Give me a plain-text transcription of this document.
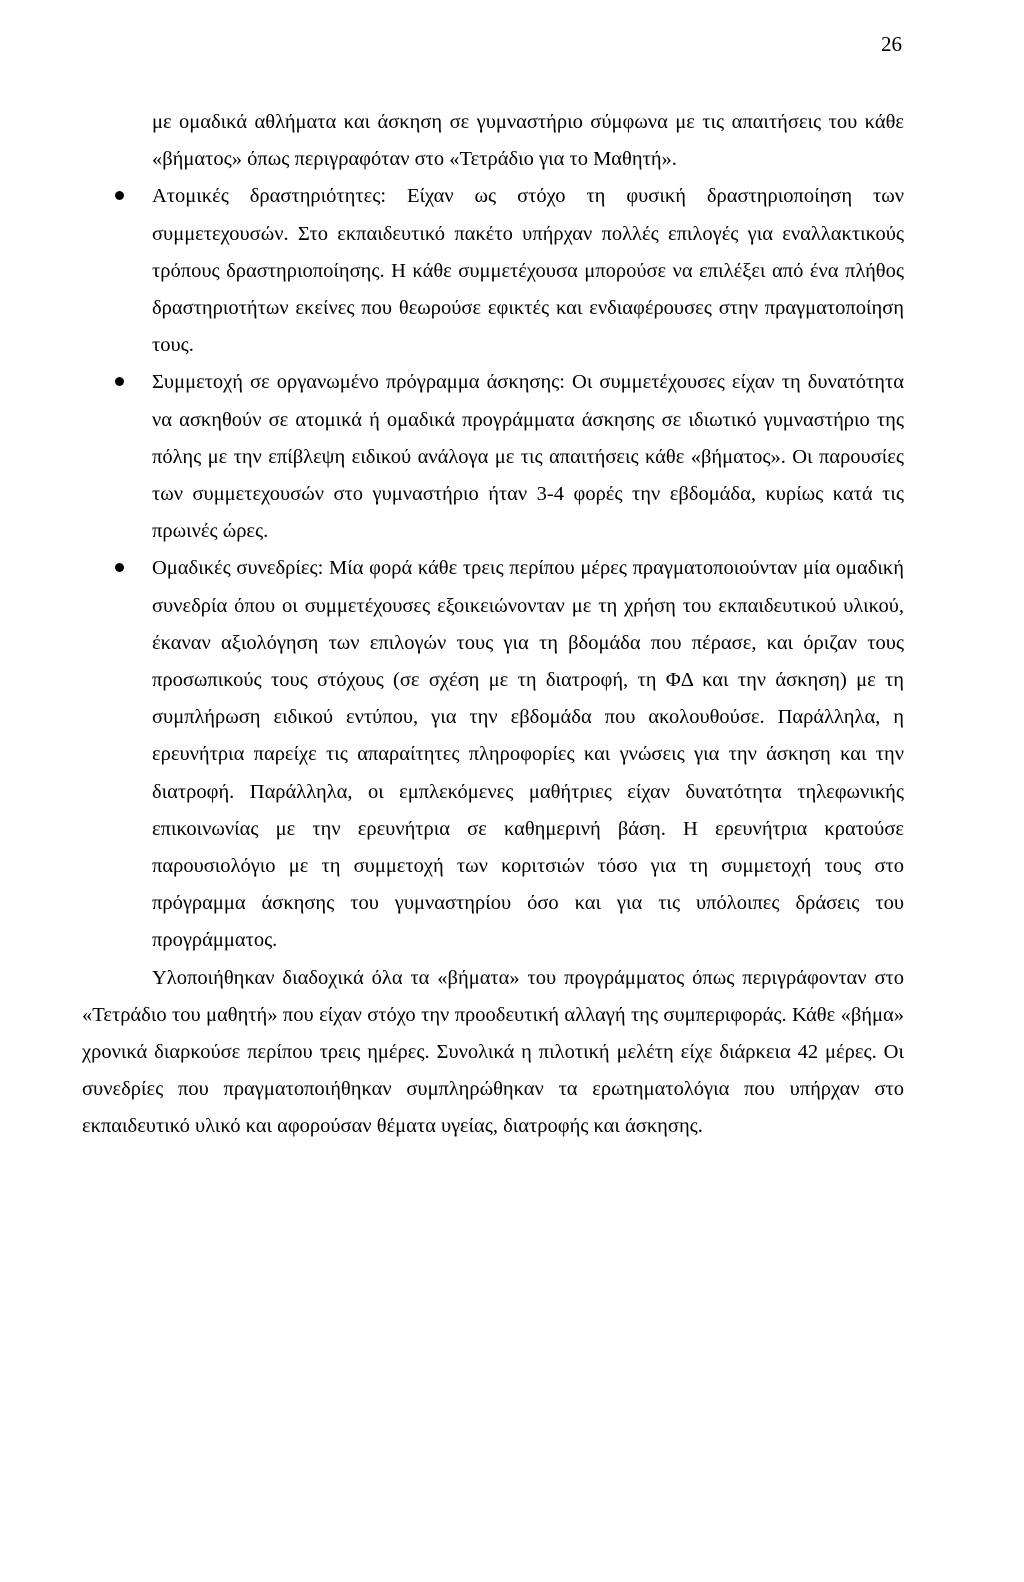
26

με ομαδικά αθλήματα και άσκηση σε γυμναστήριο σύμφωνα με τις απαιτήσεις του κάθε «βήματος» όπως περιγραφόταν στο «Τετράδιο για το Μαθητή».

Ατομικές δραστηριότητες: Είχαν ως στόχο τη φυσική δραστηριοποίηση των συμμετεχουσών. Στο εκπαιδευτικό πακέτο υπήρχαν πολλές επιλογές για εναλλακτικούς τρόπους δραστηριοποίησης. Η κάθε συμμετέχουσα μπορούσε να επιλέξει από ένα πλήθος δραστηριοτήτων εκείνες που θεωρούσε εφικτές και ενδιαφέρουσες στην πραγματοποίηση τους.
Συμμετοχή σε οργανωμένο πρόγραμμα άσκησης: Οι συμμετέχουσες είχαν τη δυνατότητα να ασκηθούν σε ατομικά ή ομαδικά προγράμματα άσκησης σε ιδιωτικό γυμναστήριο της πόλης με την επίβλεψη ειδικού ανάλογα με τις απαιτήσεις κάθε «βήματος». Οι παρουσίες των συμμετεχουσών στο γυμναστήριο ήταν 3-4 φορές την εβδομάδα, κυρίως κατά τις πρωινές ώρες.
Ομαδικές συνεδρίες: Μία φορά κάθε τρεις περίπου μέρες πραγματοποιούνταν μία ομαδική συνεδρία όπου οι συμμετέχουσες εξοικειώνονταν με τη χρήση του εκπαιδευτικού υλικού, έκαναν αξιολόγηση των επιλογών τους για τη βδομάδα που πέρασε, και όριζαν τους προσωπικούς τους στόχους (σε σχέση με τη διατροφή, τη ΦΔ και την άσκηση) με τη συμπλήρωση ειδικού εντύπου, για την εβδομάδα που ακολουθούσε. Παράλληλα, η ερευνήτρια παρείχε τις απαραίτητες πληροφορίες και γνώσεις για την άσκηση και την διατροφή. Παράλληλα, οι εμπλεκόμενες μαθήτριες είχαν δυνατότητα τηλεφωνικής επικοινωνίας με την ερευνήτρια σε καθημερινή βάση. Η ερευνήτρια κρατούσε παρουσιολόγιο με τη συμμετοχή των κοριτσιών τόσο για τη συμμετοχή τους στο πρόγραμμα άσκησης του γυμναστηρίου όσο και για τις υπόλοιπες δράσεις του προγράμματος.

Υλοποιήθηκαν διαδοχικά όλα τα «βήματα» του προγράμματος όπως περιγράφονταν στο «Τετράδιο του μαθητή» που είχαν στόχο την προοδευτική αλλαγή της συμπεριφοράς. Κάθε «βήμα» χρονικά διαρκούσε περίπου τρεις ημέρες. Συνολικά η πιλοτική μελέτη είχε διάρκεια 42 μέρες. Οι συνεδρίες που πραγματοποιήθηκαν συμπληρώθηκαν τα ερωτηματολόγια που υπήρχαν στο εκπαιδευτικό υλικό και αφορούσαν θέματα υγείας, διατροφής και άσκησης.
